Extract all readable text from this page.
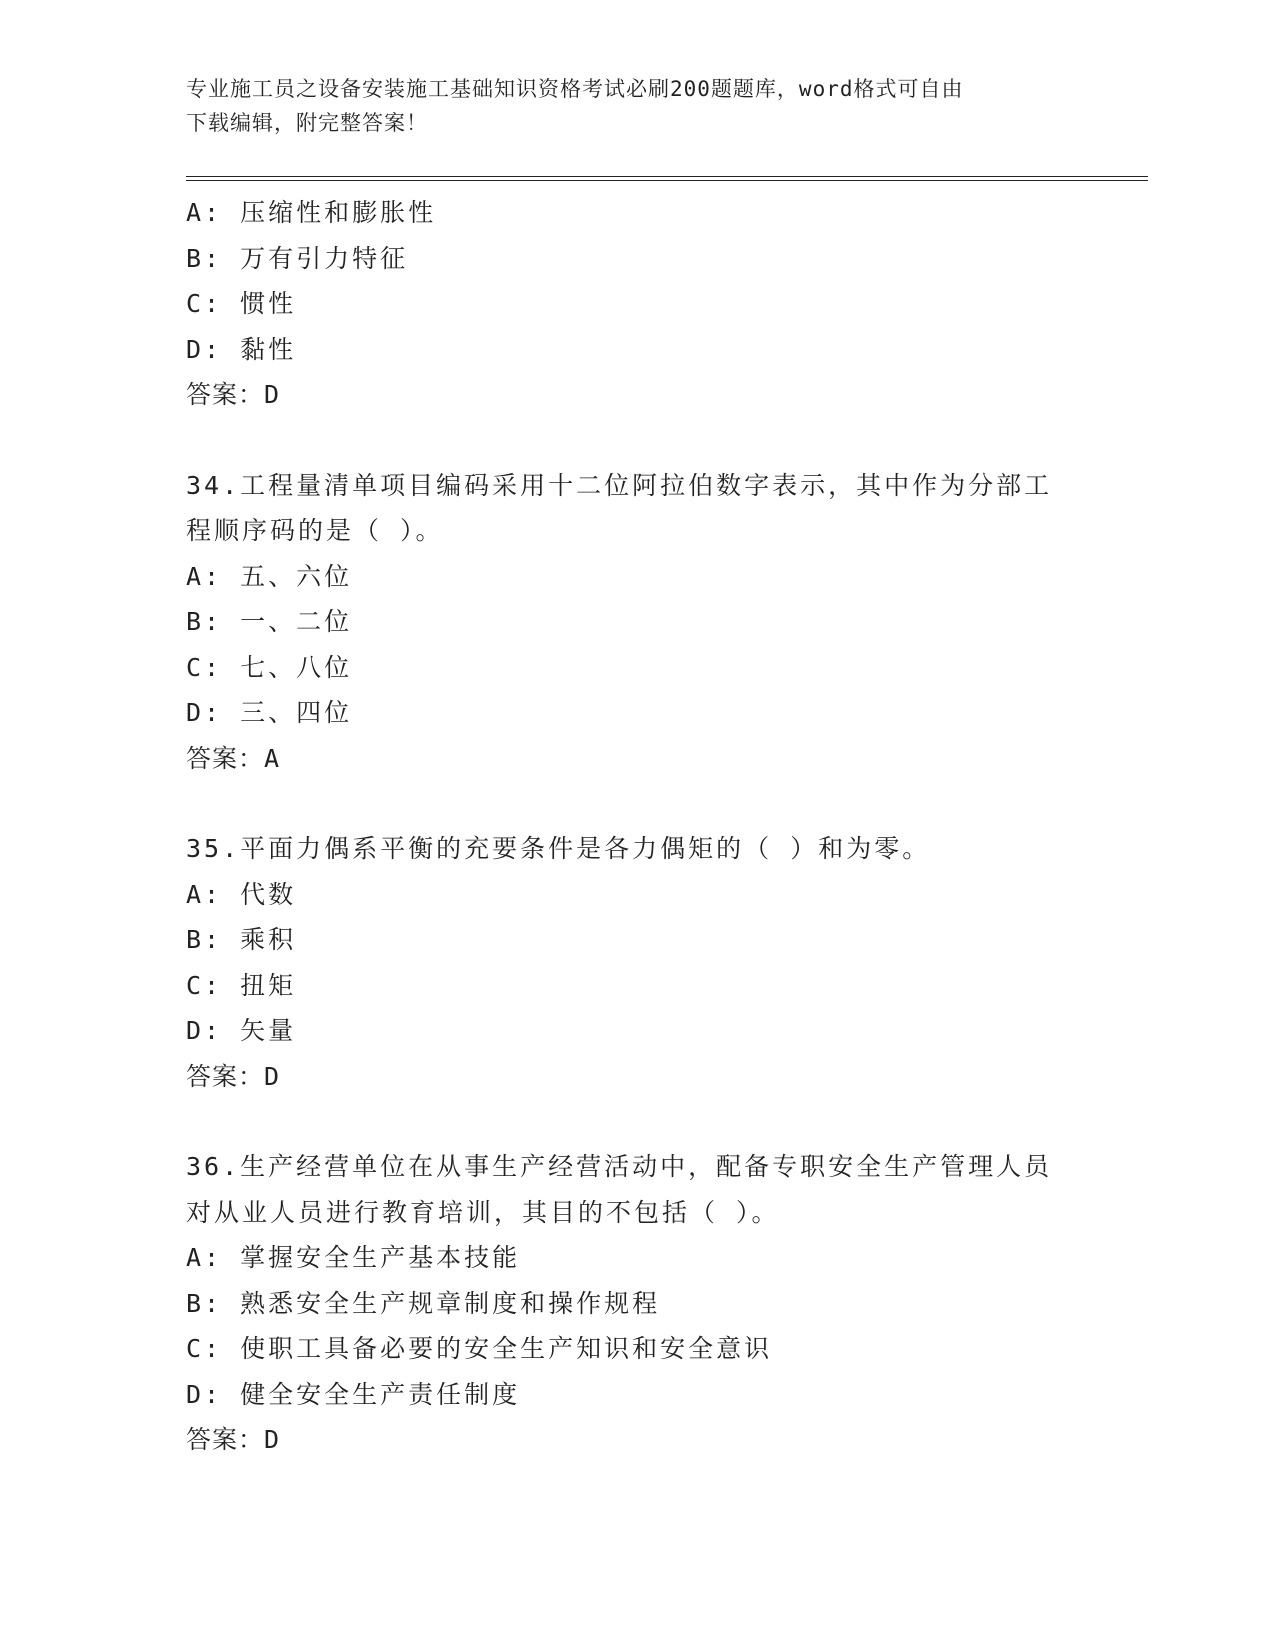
专业施工员之设备安装施工基础知识资格考试必刷200题题库，word格式可自由
下载编辑，附完整答案！
A: 压缩性和膨胀性
B: 万有引力特征
C: 惯性
D: 黏性
答案：D
34.工程量清单项目编码采用十二位阿拉伯数字表示，其中作为分部工
程顺序码的是（ ）。
A: 五、六位
B: 一、二位
C: 七、八位
D: 三、四位
答案：A
35.平面力偶系平衡的充要条件是各力偶矩的（ ）和为零。
A: 代数
B: 乘积
C: 扭矩
D: 矢量
答案：D
36.生产经营单位在从事生产经营活动中，配备专职安全生产管理人员
对从业人员进行教育培训，其目的不包括（ ）。
A: 掌握安全生产基本技能
B: 熟悉安全生产规章制度和操作规程
C: 使职工具备必要的安全生产知识和安全意识
D: 健全安全生产责任制度
答案：D
